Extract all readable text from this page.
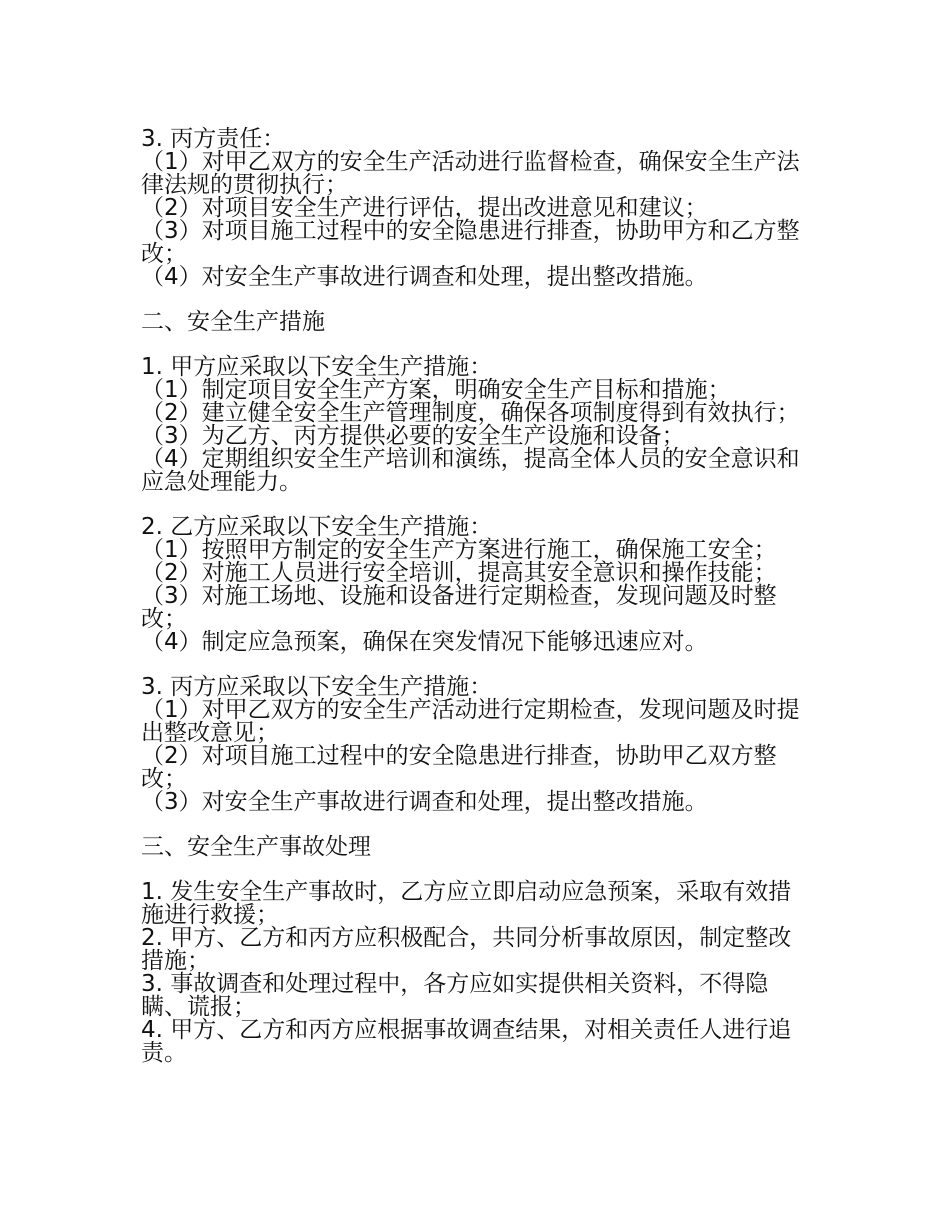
3. 丙方责任：
（1）对甲乙双方的安全生产活动进行监督检查，确保安全生产法律法规的贯彻执行；
（2）对项目安全生产进行评估，提出改进意见和建议；
（3）对项目施工过程中的安全隐患进行排查，协助甲方和乙方整改；
（4）对安全生产事故进行调查和处理，提出整改措施。
二、安全生产措施
1. 甲方应采取以下安全生产措施：
（1）制定项目安全生产方案，明确安全生产目标和措施；
（2）建立健全安全生产管理制度，确保各项制度得到有效执行；
（3）为乙方、丙方提供必要的安全生产设施和设备；
（4）定期组织安全生产培训和演练，提高全体人员的安全意识和应急处理能力。
2. 乙方应采取以下安全生产措施：
（1）按照甲方制定的安全生产方案进行施工，确保施工安全；
（2）对施工人员进行安全培训，提高其安全意识和操作技能；
（3）对施工场地、设施和设备进行定期检查，发现问题及时整改；
（4）制定应急预案，确保在突发情况下能够迅速应对。
3. 丙方应采取以下安全生产措施：
（1）对甲乙双方的安全生产活动进行定期检查，发现问题及时提出整改意见；
（2）对项目施工过程中的安全隐患进行排查，协助甲乙双方整改；
（3）对安全生产事故进行调查和处理，提出整改措施。
三、安全生产事故处理
1. 发生安全生产事故时，乙方应立即启动应急预案，采取有效措施进行救援；
2. 甲方、乙方和丙方应积极配合，共同分析事故原因，制定整改措施；
3. 事故调查和处理过程中，各方应如实提供相关资料，不得隐瞒、谎报；
4. 甲方、乙方和丙方应根据事故调查结果，对相关责任人进行追责。
